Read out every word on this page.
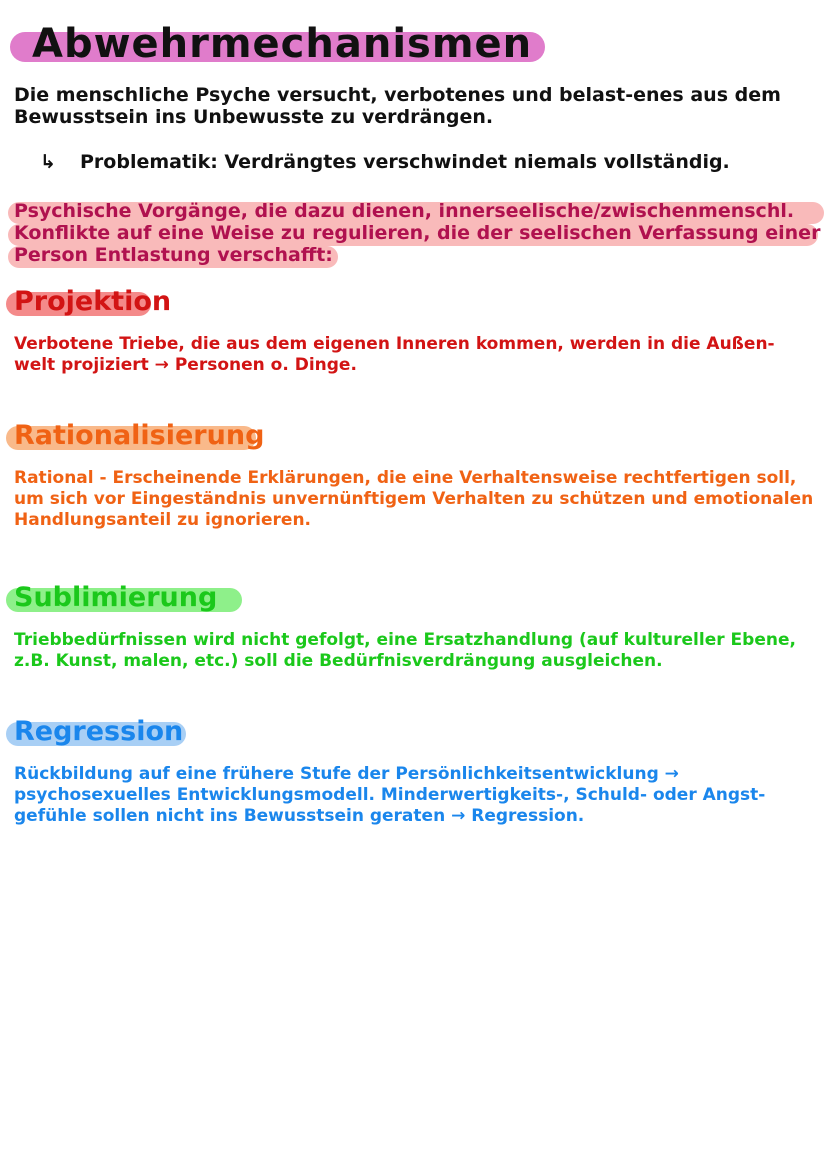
Abwehrmechanismen

Die menschliche Psyche versucht, verbotenes und belast-enes aus dem Bewusstsein ins Unbewusste zu verdrängen.

↳ Problematik: Verdrängtes verschwindet niemals vollständig.

Psychische Vorgänge, die dazu dienen, innerseelische/zwischenmenschl. Konflikte auf eine Weise zu regulieren, die der seelischen Verfassung einer Person Entlastung verschafft:

Projektion

Verbotene Triebe, die aus dem eigenen Inneren kommen, werden in die Außen-welt projiziert → Personen o. Dinge.

Rationalisierung

Rational - Erscheinende Erklärungen, die eine Verhaltensweise rechtfertigen soll, um sich vor Eingeständnis unvernünftigem Verhalten zu schützen und emotionalen Handlungsanteil zu ignorieren.

Sublimierung

Triebbedürfnissen wird nicht gefolgt, eine Ersatzhandlung (auf kultureller Ebene, z.B. Kunst, malen, etc.) soll die Bedürfnisverdrängung ausgleichen.

Regression

Rückbildung auf eine frühere Stufe der Persönlichkeitsentwicklung → psychosexuelles Entwicklungsmodell. Minderwertigkeits-, Schuld- oder Angst-gefühle sollen nicht ins Bewusstsein geraten → Regression.
